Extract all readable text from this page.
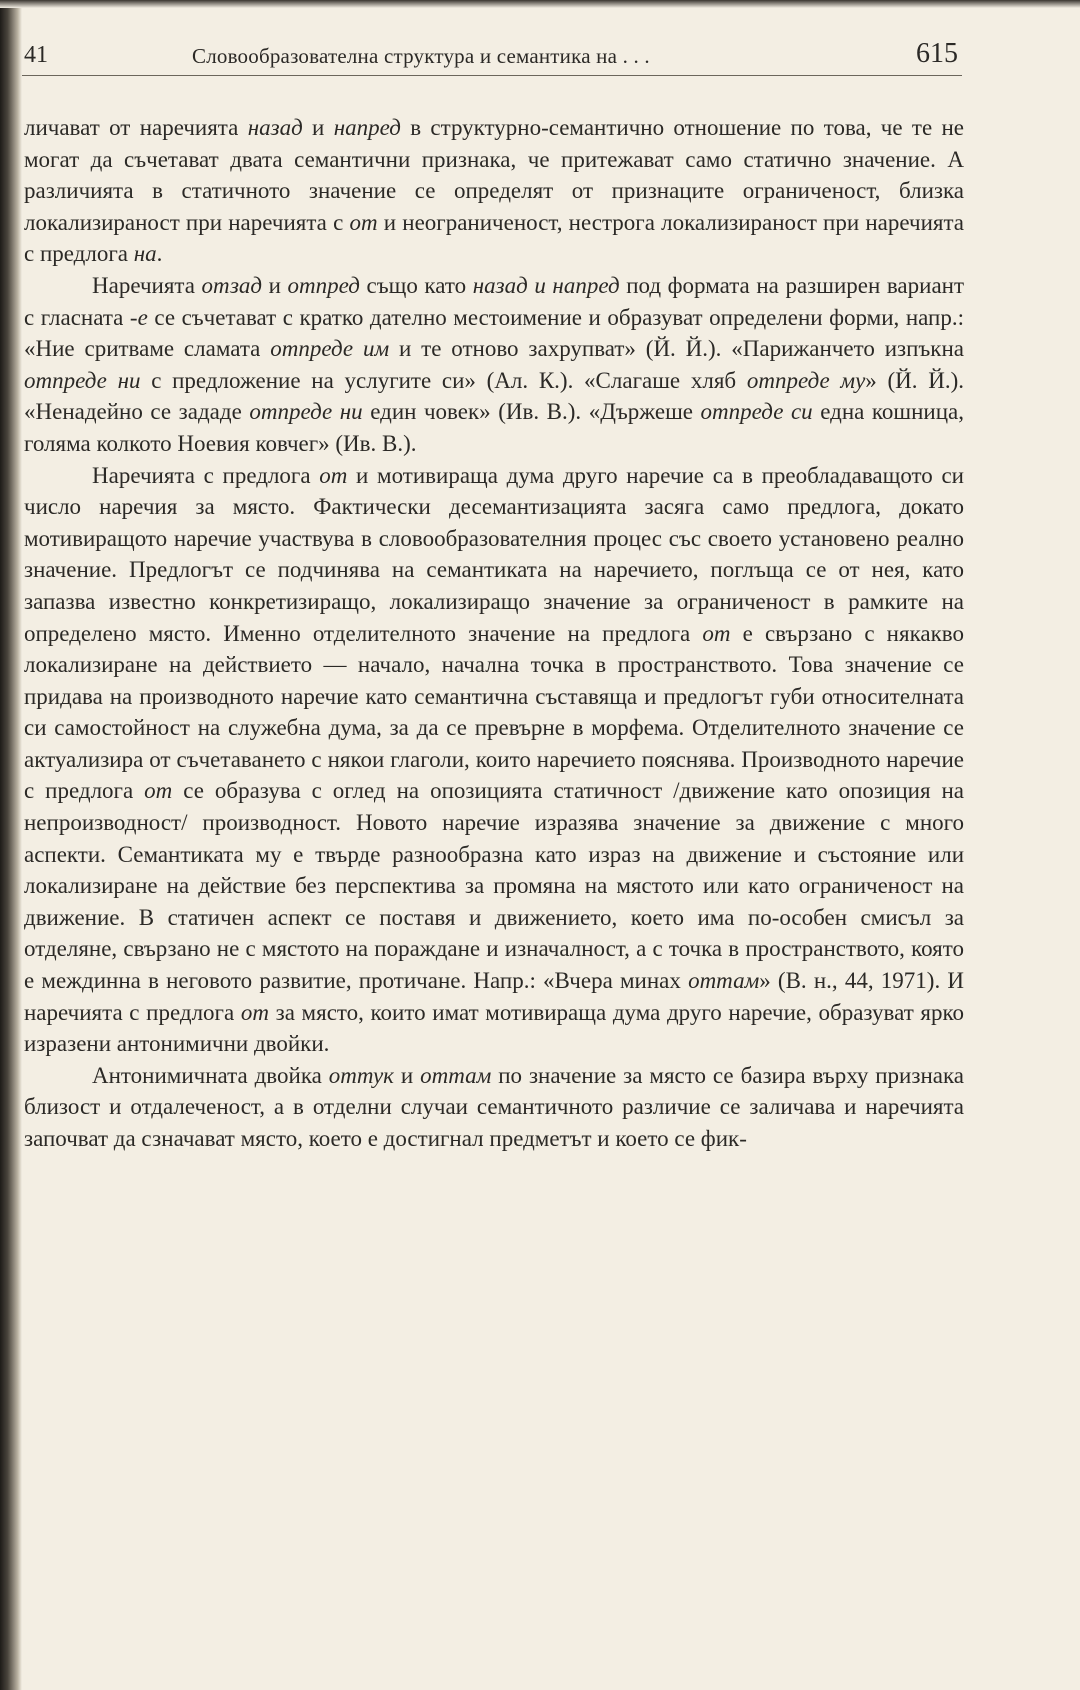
41	Словообразователна структура и семантика на . . .	615

личават от наречията назад и напред в структурно-семантично отношение по това, че те не могат да съчетават двата семантични признака, че притежават само статично значение. А различията в статичното значение се определят от признаците ограниченост, близка локализираност при наречията с от и неограниченост, нестрога локализираност при наречията с предлога на.

Наречията отзад и отпред също като назад и напред под формата на разширен вариант с гласната -е се съчетават с кратко дателно местоимение и образуват определени форми, напр.: «Ние сритваме сламата отпреде им и те отново захрупват» (Й. Й.). «Парижанчето изпъкна отпреде ни с предложение на услугите си» (Ал. К.). «Слагаше хляб отпреде му» (Й. Й.). «Ненадейно се зададе отпреде ни един човек» (Ив. В.). «Държеше отпреде си една кошница, голяма колкото Ноевия ковчег» (Ив. В.).

Наречията с предлога от и мотивираща дума друго наречие са в преобладаващото си число наречия за място. Фактически десемантизацията засяга само предлога, докато мотивиращото наречие участвува в словообразователния процес със своето установено реално значение. Предлогът се подчинява на семантиката на наречието, поглъща се от нея, като запазва известно конкретизиращо, локализиращо значение за ограниченост в рамките на определено място. Именно отделителното значение на предлога от е свързано с някакво локализиране на действието — начало, начална точка в пространството. Това значение се придава на производното наречие като семантична съставяща и предлогът губи относителната си самостойност на служебна дума, за да се превърне в морфема. Отделителното значение се актуализира от съчетаването с някои глаголи, които наречието пояснява. Производното наречие с предлога от се образува с оглед на опозицията статичност /движение като опозиция на непроизводност/ производност. Новото наречие изразява значение за движение с много аспекти. Семантиката му е твърде разнообразна като израз на движение и състояние или локализиране на действие без перспектива за промяна на мястото или като ограниченост на движение. В статичен аспект се поставя и движението, което има по-особен смисъл за отделяне, свързано не с мястото на пораждане и изначалност, а с точка в пространството, която е междинна в неговото развитие, протичане. Напр.: «Вчера минах оттам» (В. н., 44, 1971). И наречията с предлога от за място, които имат мотивираща дума друго наречие, образуват ярко изразени антонимични двойки.

Антонимичната двойка оттук и оттам по значение за място се базира върху признака близост и отдалеченост, а в отделни случаи семантичното различие се заличава и наречията започват да сзначават място, което е достигнал предметът и което се фик-
